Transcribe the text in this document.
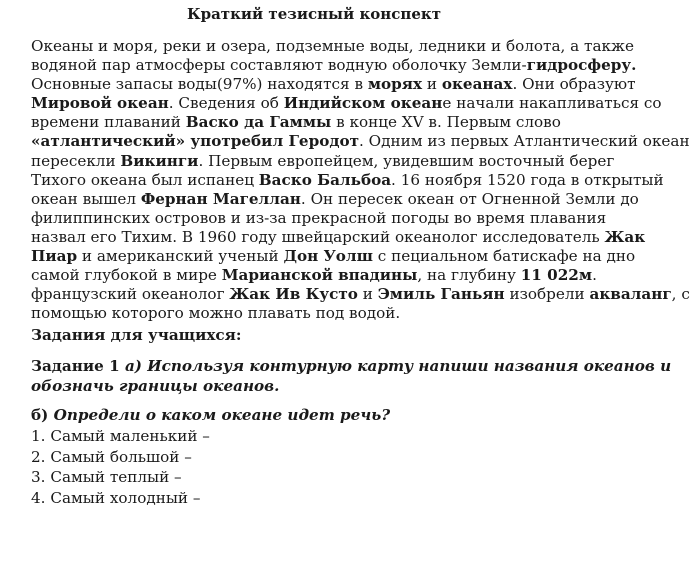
Краткий тезисный конспект
Океаны и моря, реки и озера, подземные воды, ледники и болота, а также
водяной пар атмосферы составляют водную оболочку Земли-гидросферу.
Основные запасы воды(97%) находятся в морях и океанах. Они образуют
Мировой океан. Сведения об Индийском океане начали накапливаться со
времени плаваний Васко да Гаммы в конце XV в. Первым слово
«атлантический» употребил Геродот. Одним из первых Атлантический океан
пересекли Викинги. Первым европейцем, увидевшим восточный берег
Тихого океана был испанец Васко Бальбоа. 16 ноября 1520 года в открытый
океан вышел Фернан Магеллан. Он пересек океан от Огненной Земли до
филиппинских островов и из-за прекрасной погоды во время плавания
назвал его Тихим. В 1960 году швейцарский океанолог исследователь Жак
Пиар и американский ученый Дон Уолш с пециальном батискафе на дно
самой глубокой в мире Марианской впадины, на глубину 11 022м.
французский океанолог Жак Ив Кусто и Эмиль Ганьян изобрели акваланг, с
помощью которого можно плавать под водой.
Задания для учащихся:
Задание 1 а) Используя контурную карту напиши названия океанов и
обозначь границы океанов.
б) Определи о каком океане идет речь?
1. Самый маленький –
2. Самый большой –
3. Самый теплый –
4. Самый холодный –
